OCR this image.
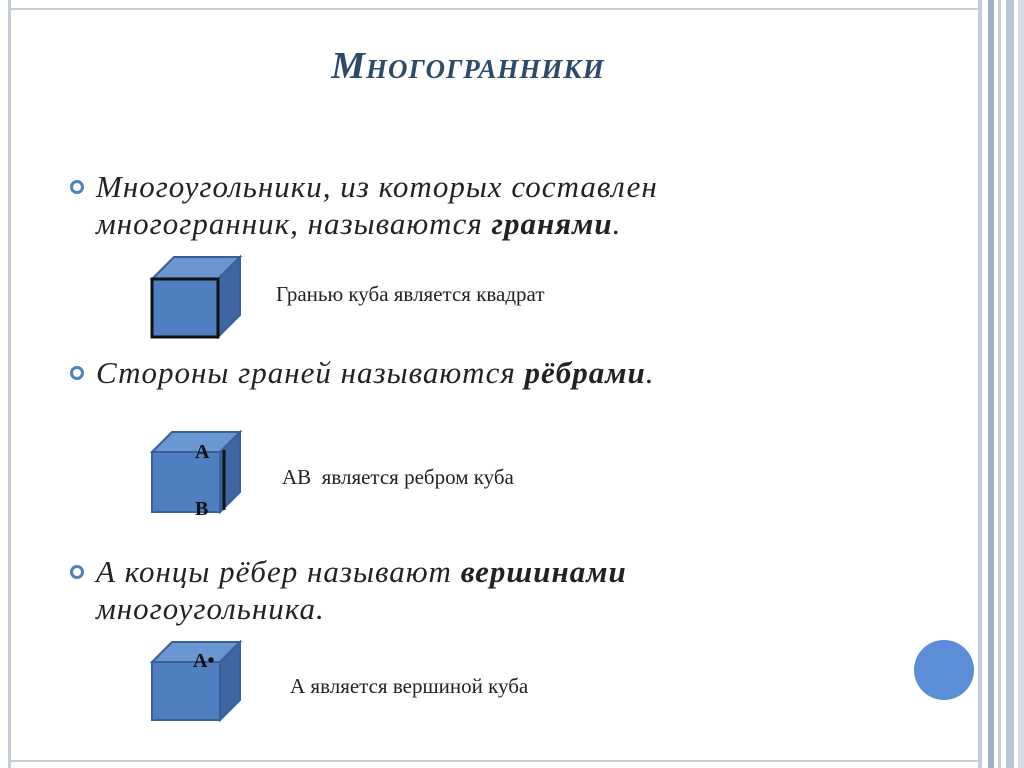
Многогранники
Многоугольники, из которых составлен многогранник, называются гранями.
Гранью куба является квадрат
Стороны граней называются рёбрами.
А
В
АВ  является ребром куба
А концы рёбер называют вершинами многоугольника.
А•
А является вершиной куба
